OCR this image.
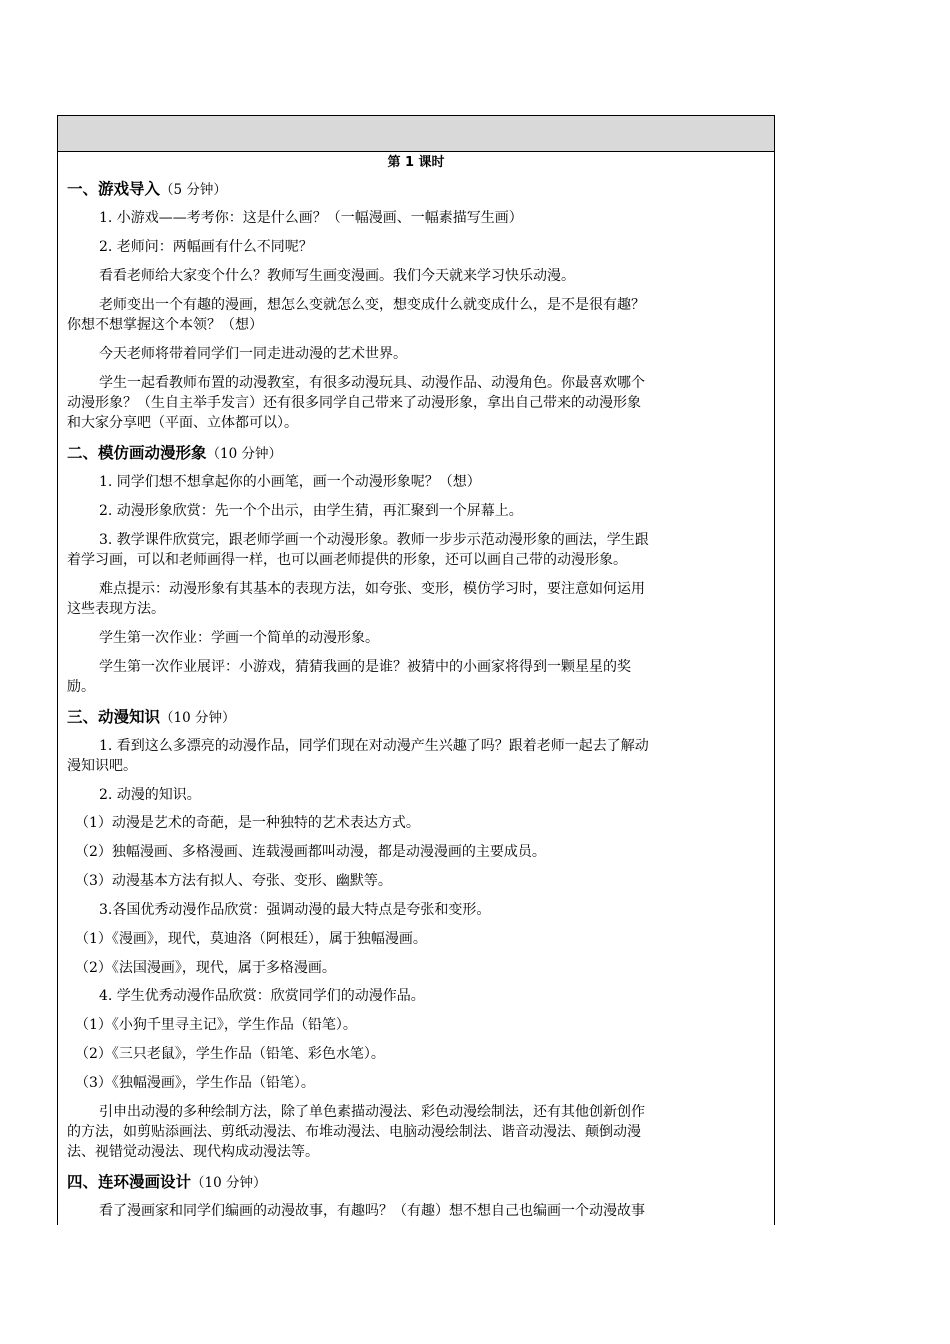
第 1 课时
一、游戏导入（5 分钟）

1. 小游戏——考考你：这是什么画？（一幅漫画、一幅素描写生画）

2. 老师问：两幅画有什么不同呢？

看看老师给大家变个什么？教师写生画变漫画。我们今天就来学习快乐动漫。

老师变出一个有趣的漫画，想怎么变就怎么变，想变成什么就变成什么，是不是很有趣？
你想不想掌握这个本领？（想）

今天老师将带着同学们一同走进动漫的艺术世界。

学生一起看教师布置的动漫教室，有很多动漫玩具、动漫作品、动漫角色。你最喜欢哪个
动漫形象？（生自主举手发言）还有很多同学自己带来了动漫形象，拿出自己带来的动漫形象
和大家分享吧（平面、立体都可以）。

二、模仿画动漫形象（10 分钟）

1. 同学们想不想拿起你的小画笔，画一个动漫形象呢？（想）

2. 动漫形象欣赏：先一个个出示，由学生猜，再汇聚到一个屏幕上。

3. 教学课件欣赏完，跟老师学画一个动漫形象。教师一步步示范动漫形象的画法，学生跟
着学习画，可以和老师画得一样，也可以画老师提供的形象，还可以画自己带的动漫形象。

难点提示：动漫形象有其基本的表现方法，如夸张、变形，模仿学习时，要注意如何运用
这些表现方法。

学生第一次作业：学画一个简单的动漫形象。

学生第一次作业展评：小游戏，猜猜我画的是谁？被猜中的小画家将得到一颗星星的奖
励。

三、动漫知识（10 分钟）

1. 看到这么多漂亮的动漫作品，同学们现在对动漫产生兴趣了吗？跟着老师一起去了解动
漫知识吧。

2. 动漫的知识。

（1）动漫是艺术的奇葩，是一种独特的艺术表达方式。

（2）独幅漫画、多格漫画、连载漫画都叫动漫，都是动漫漫画的主要成员。

（3）动漫基本方法有拟人、夸张、变形、幽默等。

3.各国优秀动漫作品欣赏：强调动漫的最大特点是夸张和变形。

（1）《漫画》，现代，莫迪洛（阿根廷），属于独幅漫画。

（2）《法国漫画》，现代，属于多格漫画。

4. 学生优秀动漫作品欣赏：欣赏同学们的动漫作品。

（1）《小狗千里寻主记》，学生作品（铅笔）。

（2）《三只老鼠》，学生作品（铅笔、彩色水笔）。

（3）《独幅漫画》，学生作品（铅笔）。

引申出动漫的多种绘制方法，除了单色素描动漫法、彩色动漫绘制法，还有其他创新创作
的方法，如剪贴添画法、剪纸动漫法、布堆动漫法、电脑动漫绘制法、谐音动漫法、颠倒动漫
法、视错觉动漫法、现代构成动漫法等。

四、连环漫画设计（10 分钟）

看了漫画家和同学们编画的动漫故事，有趣吗？（有趣）想不想自己也编画一个动漫故事
